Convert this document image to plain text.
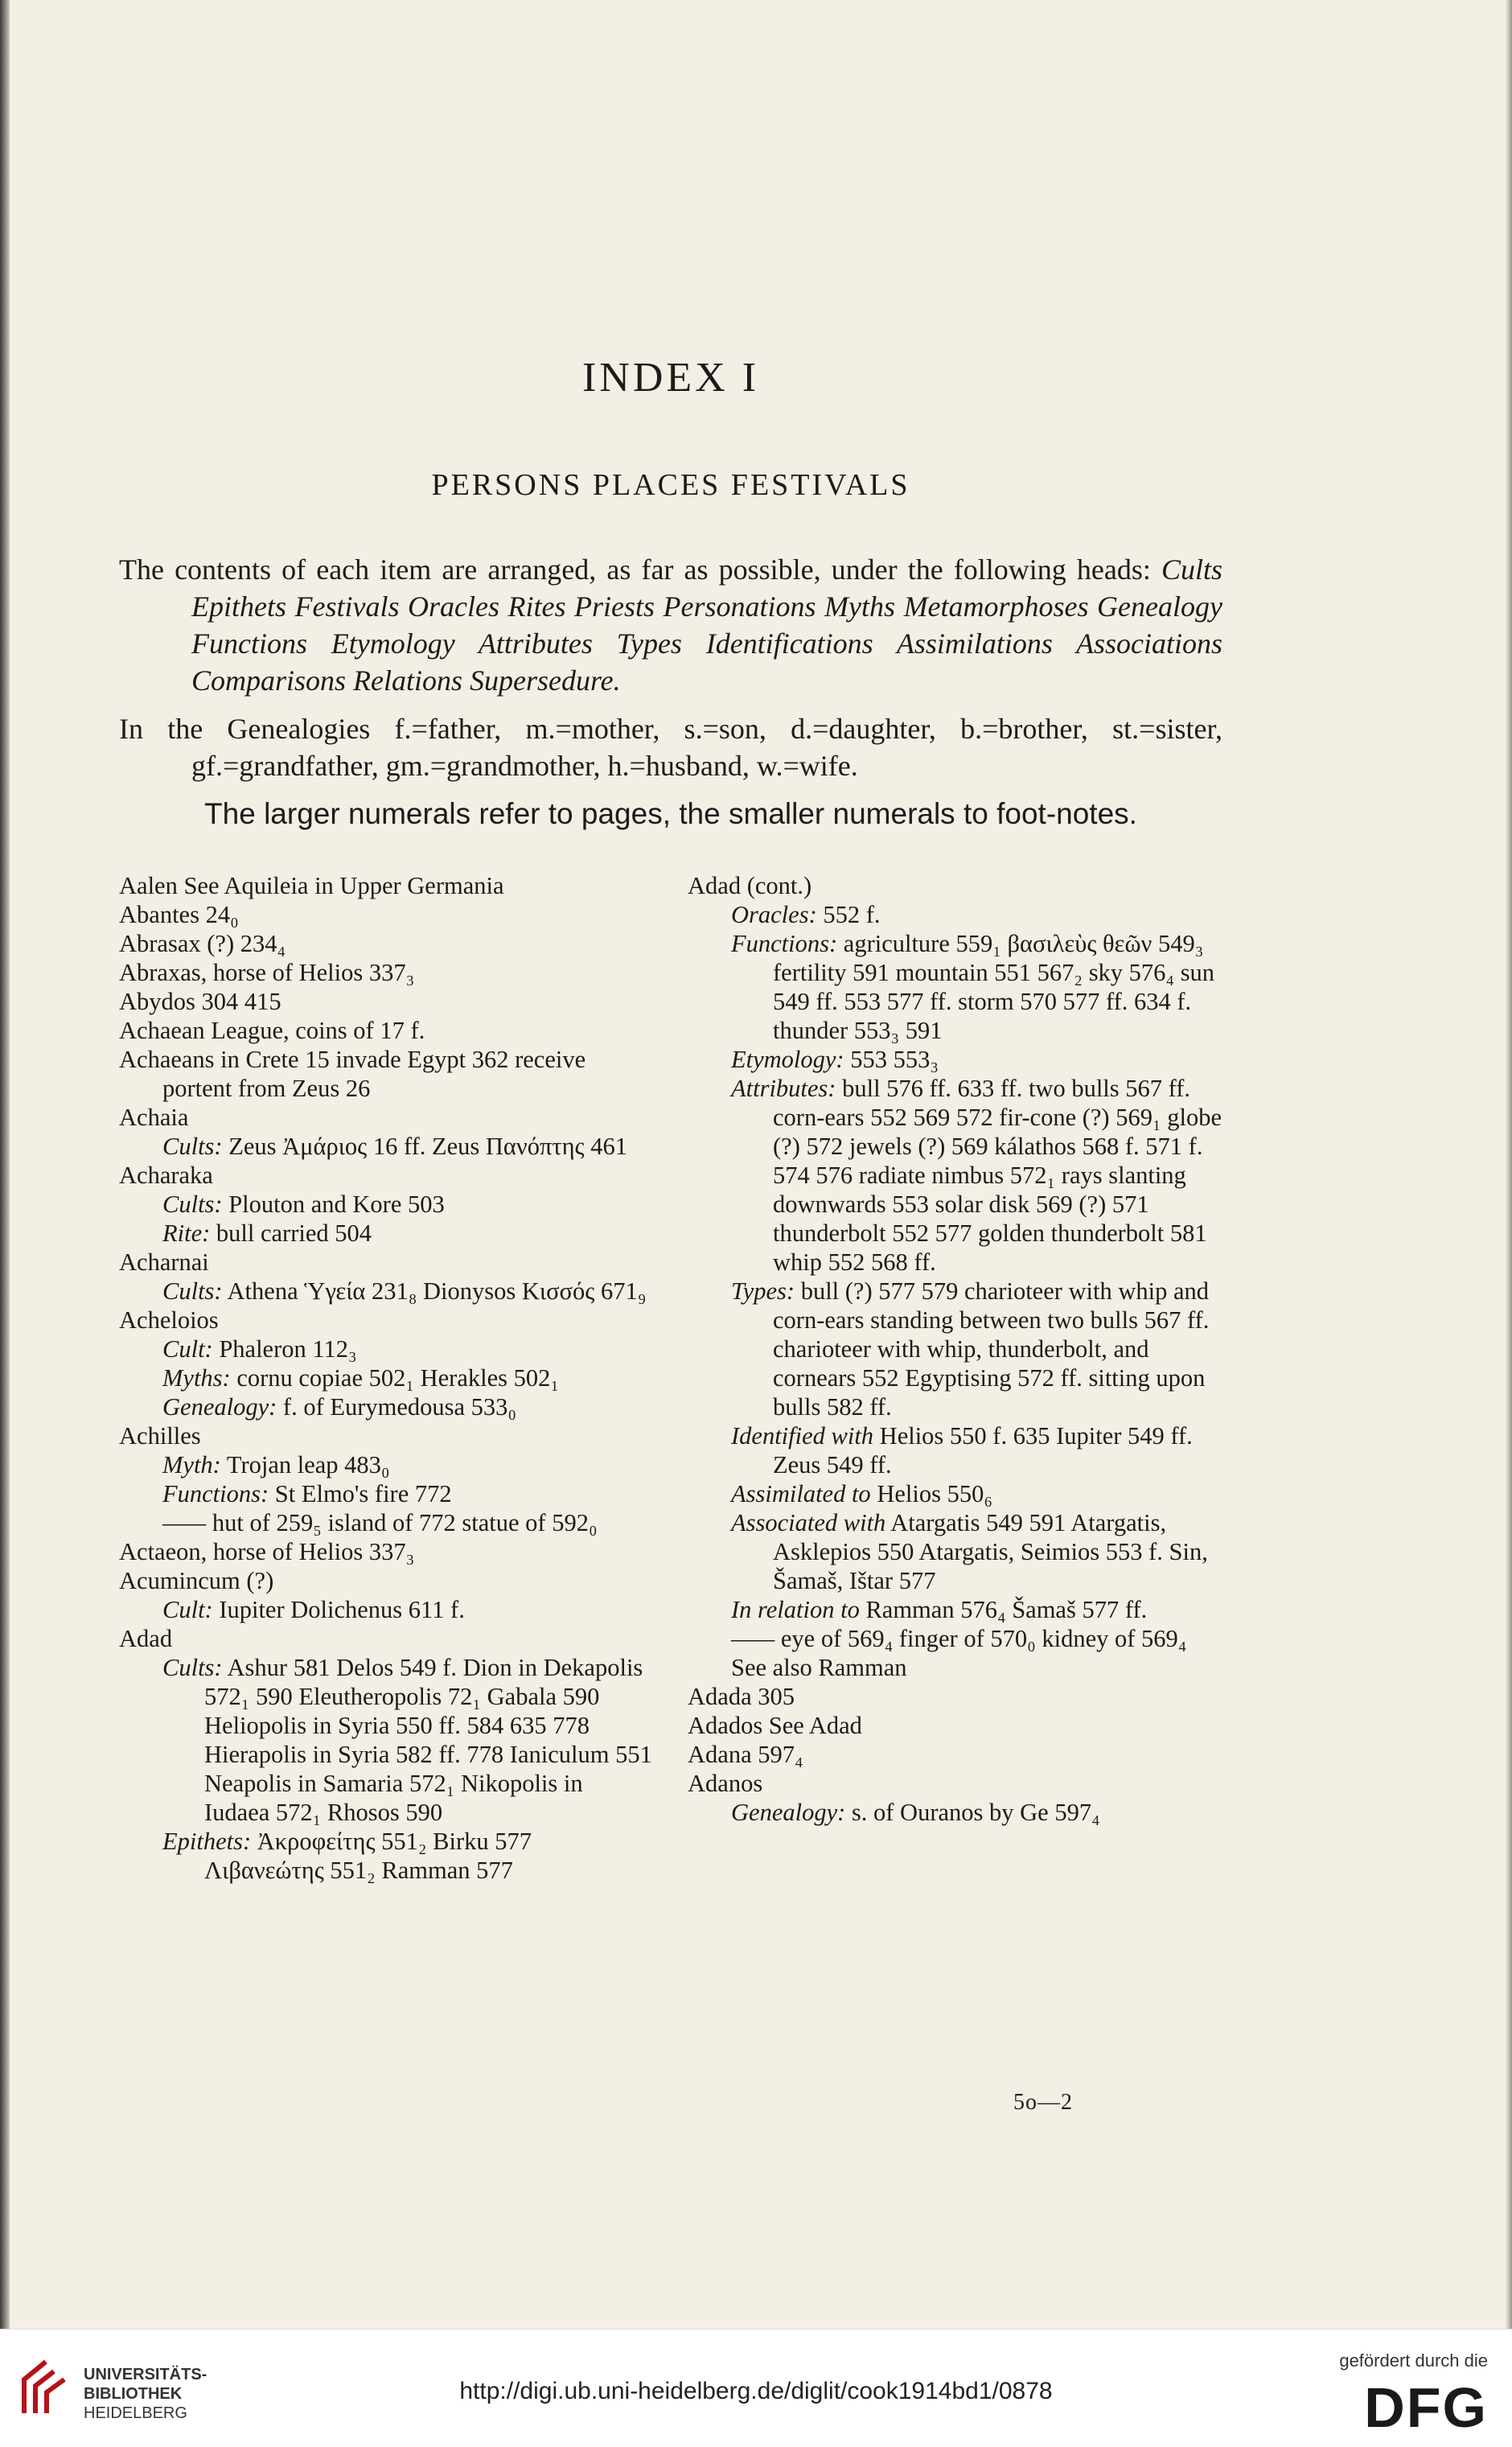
INDEX I
PERSONS PLACES FESTIVALS

The contents of each item are arranged, as far as possible, under the following heads: Cults Epithets Festivals Oracles Rites Priests Personations Myths Metamorphoses Genealogy Functions Etymology Attributes Types Identifications Assimilations Associations Comparisons Relations Supersedure.

In the Genealogies f.=father, m.=mother, s.=son, d.=daughter, b.=brother, st.=sister, gf.=grandfather, gm.=grandmother, h.=husband, w.=wife.

The larger numerals refer to pages, the smaller numerals to foot-notes.

Aalen See Aquileia in Upper Germania
Abantes 24₀
Abrasax (?) 234₄
Abraxas, horse of Helios 337₃
Abydos 304 415
Achaean League, coins of 17 f.
Achaeans in Crete 15 invade Egypt 362 receive portent from Zeus 26
Achaia
Cults: Zeus Ἀμάριος 16 ff. Zeus Πανόπτης 461
Acharaka
Cults: Plouton and Kore 503
Rite: bull carried 504
Acharnai
Cults: Athena Ὑγεία 231₈ Dionysos Κισσός 671₉
Acheloios
Cult: Phaleron 112₃
Myths: cornu copiae 502₁ Herakles 502₁
Genealogy: f. of Eurymedousa 533₀
Achilles
Myth: Trojan leap 483₀
Functions: St Elmo's fire 772
—— hut of 259₅ island of 772 statue of 592₀
Actaeon, horse of Helios 337₃
Acumincum (?)
Cult: Iupiter Dolichenus 611 f.
Adad
Cults: Ashur 581 Delos 549 f. Dion in Dekapolis 572₁ 590 Eleutheropolis 72₁ Gabala 590 Heliopolis in Syria 550 ff. 584 635 778 Hierapolis in Syria 582 ff. 778 Ianiculum 551 Neapolis in Samaria 572₁ Nikopolis in Iudaea 572₁ Rhosos 590
Epithets: Ἀκροφείτης 551₂ Birku 577 Λιβανεώτης 551₂ Ramman 577
Adad (cont.)
Oracles: 552 f.
Functions: agriculture 559₁ βασιλεὺς θεῶν 549₃ fertility 591 mountain 551 567₂ sky 576₄ sun 549 ff. 553 577 ff. storm 570 577 ff. 634 f. thunder 553₃ 591
Etymology: 553 553₃
Attributes: bull 576 ff. 633 ff. two bulls 567 ff. corn-ears 552 569 572 fir-cone (?) 569₁ globe (?) 572 jewels (?) 569 kálathos 568 f. 571 f. 574 576 radiate nimbus 572₁ rays slanting downwards 553 solar disk 569 (?) 571 thunderbolt 552 577 golden thunderbolt 581 whip 552 568 ff.
Types: bull (?) 577 579 charioteer with whip and corn-ears standing between two bulls 567 ff. charioteer with whip, thunderbolt, and cornears 552 Egyptising 572 ff. sitting upon bulls 582 ff.
Identified with Helios 550 f. 635 Iupiter 549 ff. Zeus 549 ff.
Assimilated to Helios 550₆
Associated with Atargatis 549 591 Atargatis, Asklepios 550 Atargatis, Seimios 553 f. Sin, Šamaš, Ištar 577
In relation to Ramman 576₄ Šamaš 577 ff.
—— eye of 569₄ finger of 570₀ kidney of 569₄
See also Ramman
Adada 305
Adados See Adad
Adana 597₄
Adanos
Genealogy: s. of Ouranos by Ge 597₄
5o—2
UNIVERSITÄTS-
BIBLIOTHEK
HEIDELBERG
http://digi.ub.uni-heidelberg.de/diglit/cook1914bd1/0878
gefördert durch die
DFG
